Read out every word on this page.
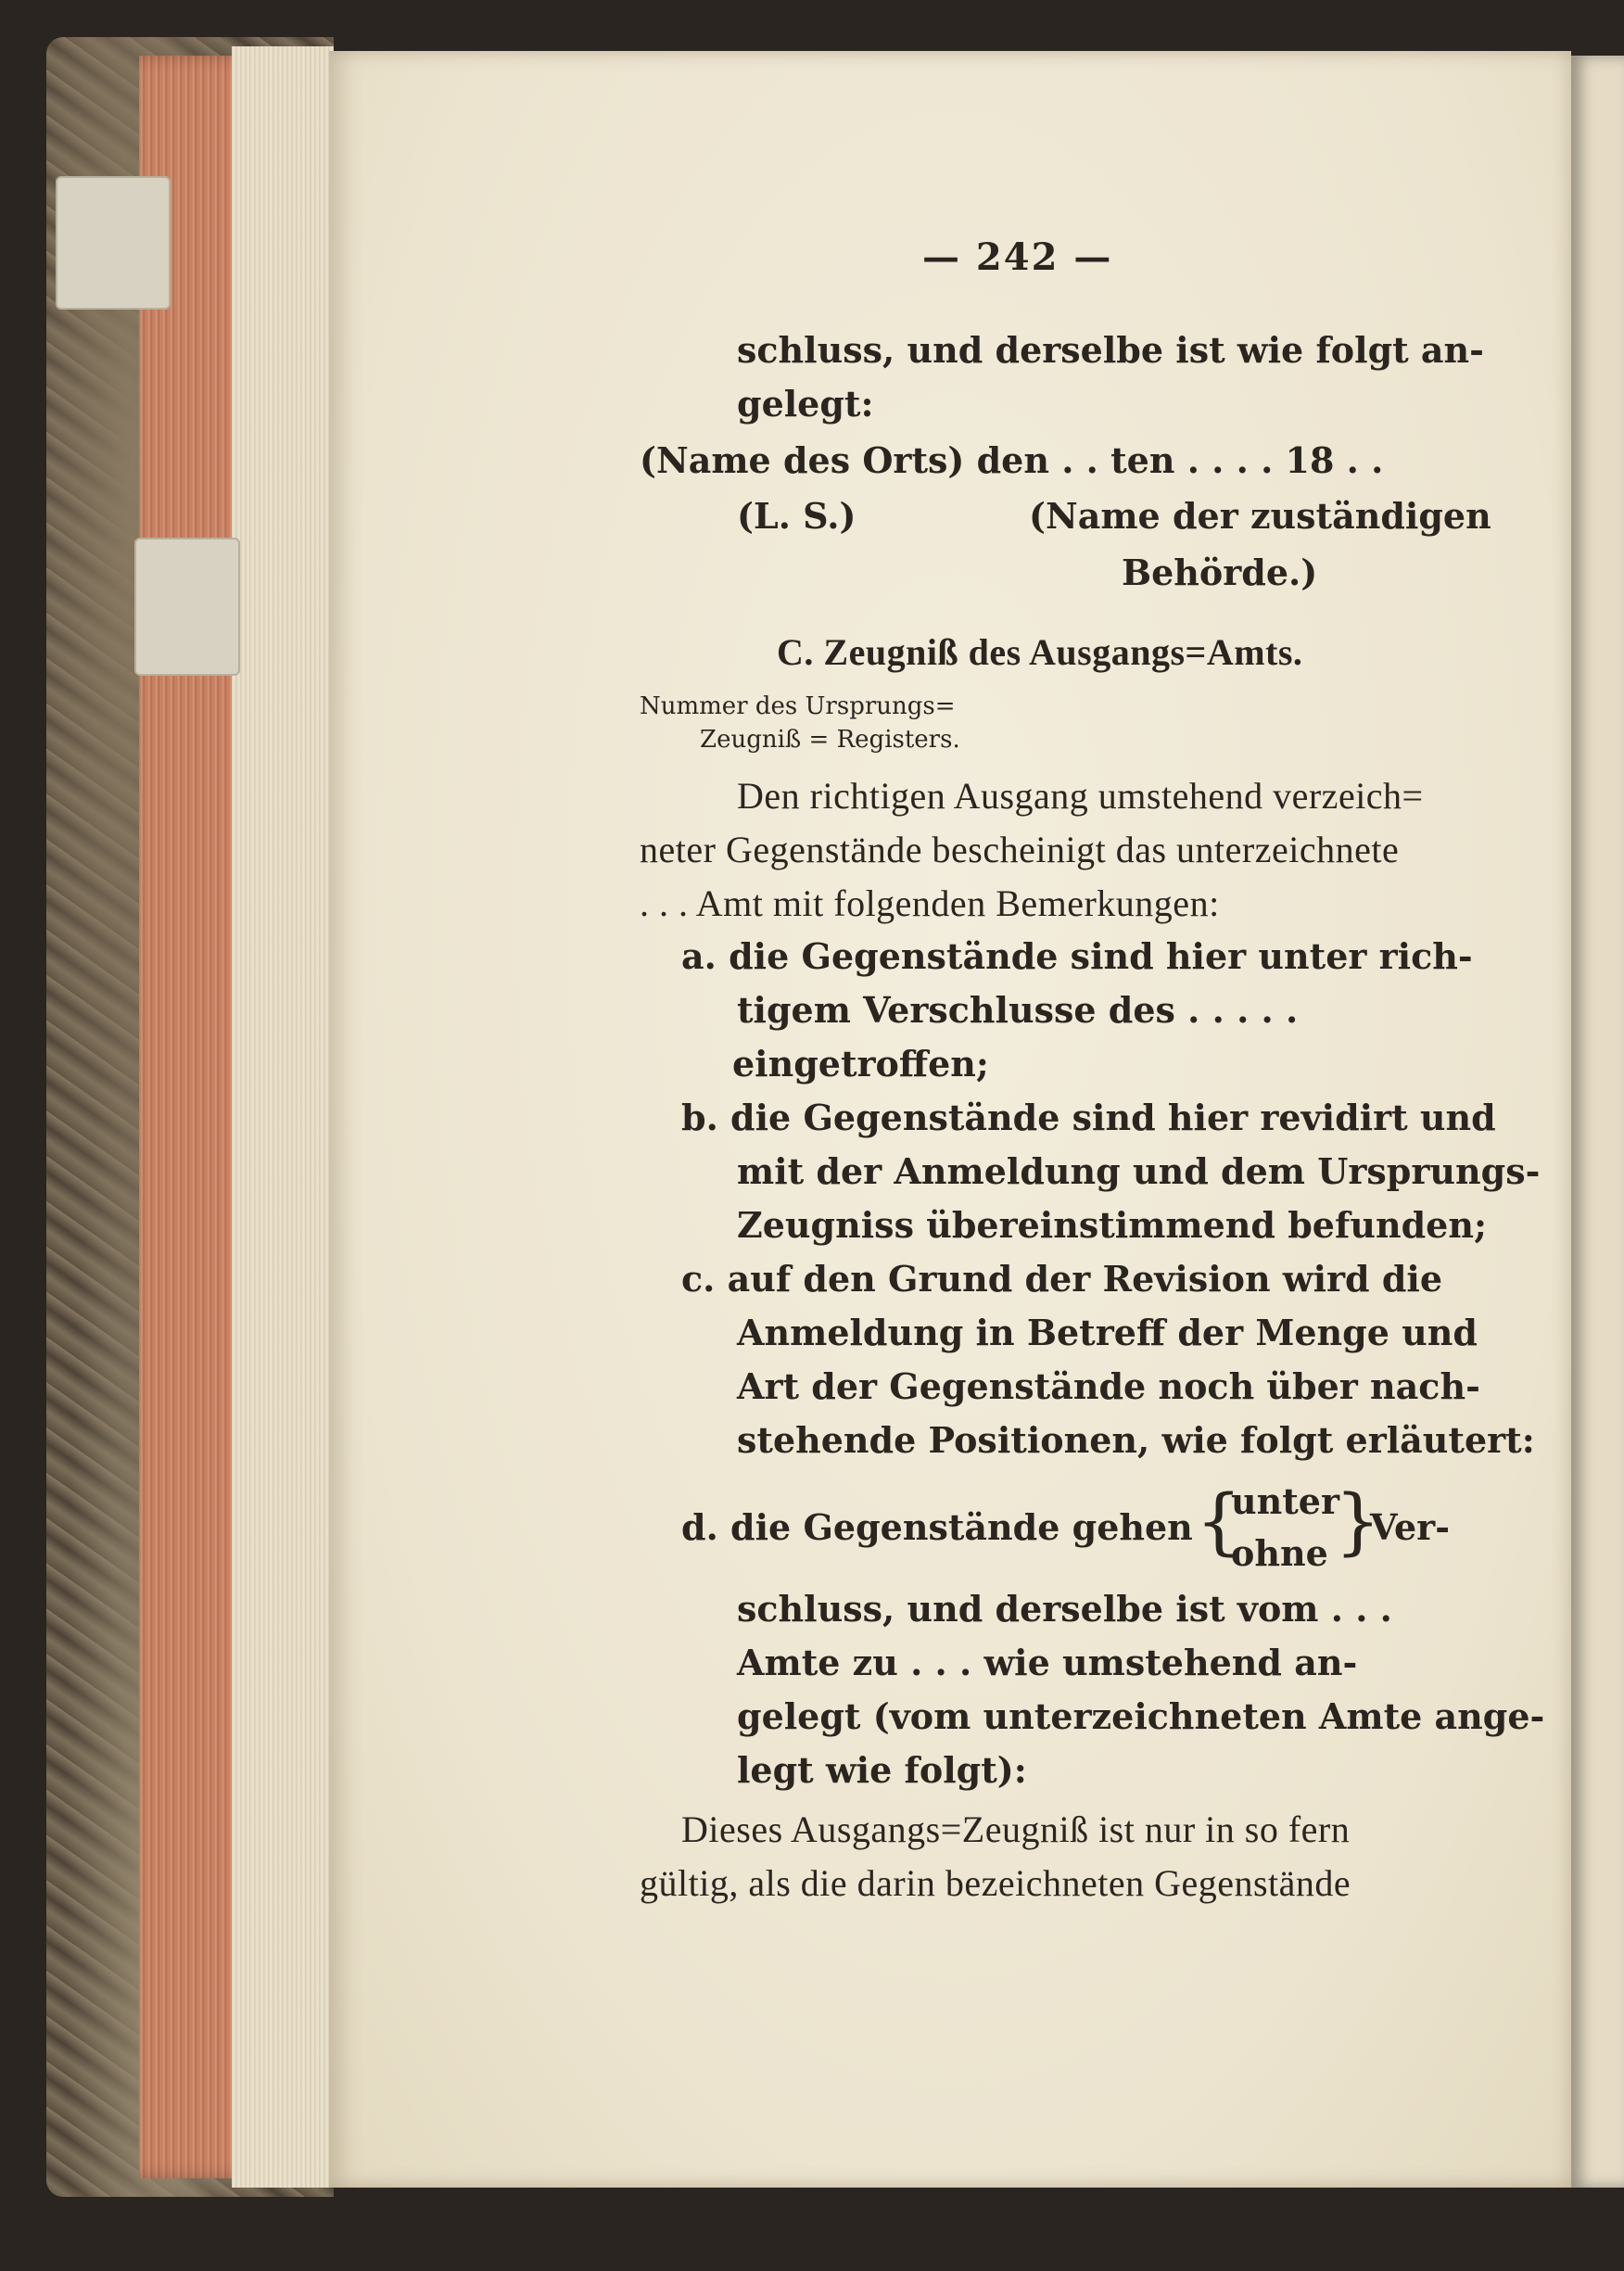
— 242 —

schluss, und derselbe ist wie folgt an-

gelegt:

(Name des Orts) den . . ten . . . . 18 . .

(L. S.)	(Name der zuständigen

Behörde.)

C. Zeugniß des Ausgangs=Amts.

Nummer des Ursprungs=

Zeugniß = Registers.

Den richtigen Ausgang umstehend verzeich=

neter Gegenstände bescheinigt das unterzeichnete

. . . Amt mit folgenden Bemerkungen:

a. die Gegenstände sind hier unter rich-

tigem Verschlusse des . . . . .

eingetroffen;

b. die Gegenstände sind hier revidirt und

mit der Anmeldung und dem Ursprungs-

Zeugniss übereinstimmend befunden;

c. auf den Grund der Revision wird die

Anmeldung in Betreff der Menge und

Art der Gegenstände noch über nach-

stehende Positionen, wie folgt erläutert:

d. die Gegenstände gehen {

unter

ohne }

Ver-

schluss, und derselbe ist vom . . .

Amte zu . . . wie umstehend an-

gelegt (vom unterzeichneten Amte ange-

legt wie folgt):

Dieses Ausgangs=Zeugniß ist nur in so fern

gültig, als die darin bezeichneten Gegenstände
